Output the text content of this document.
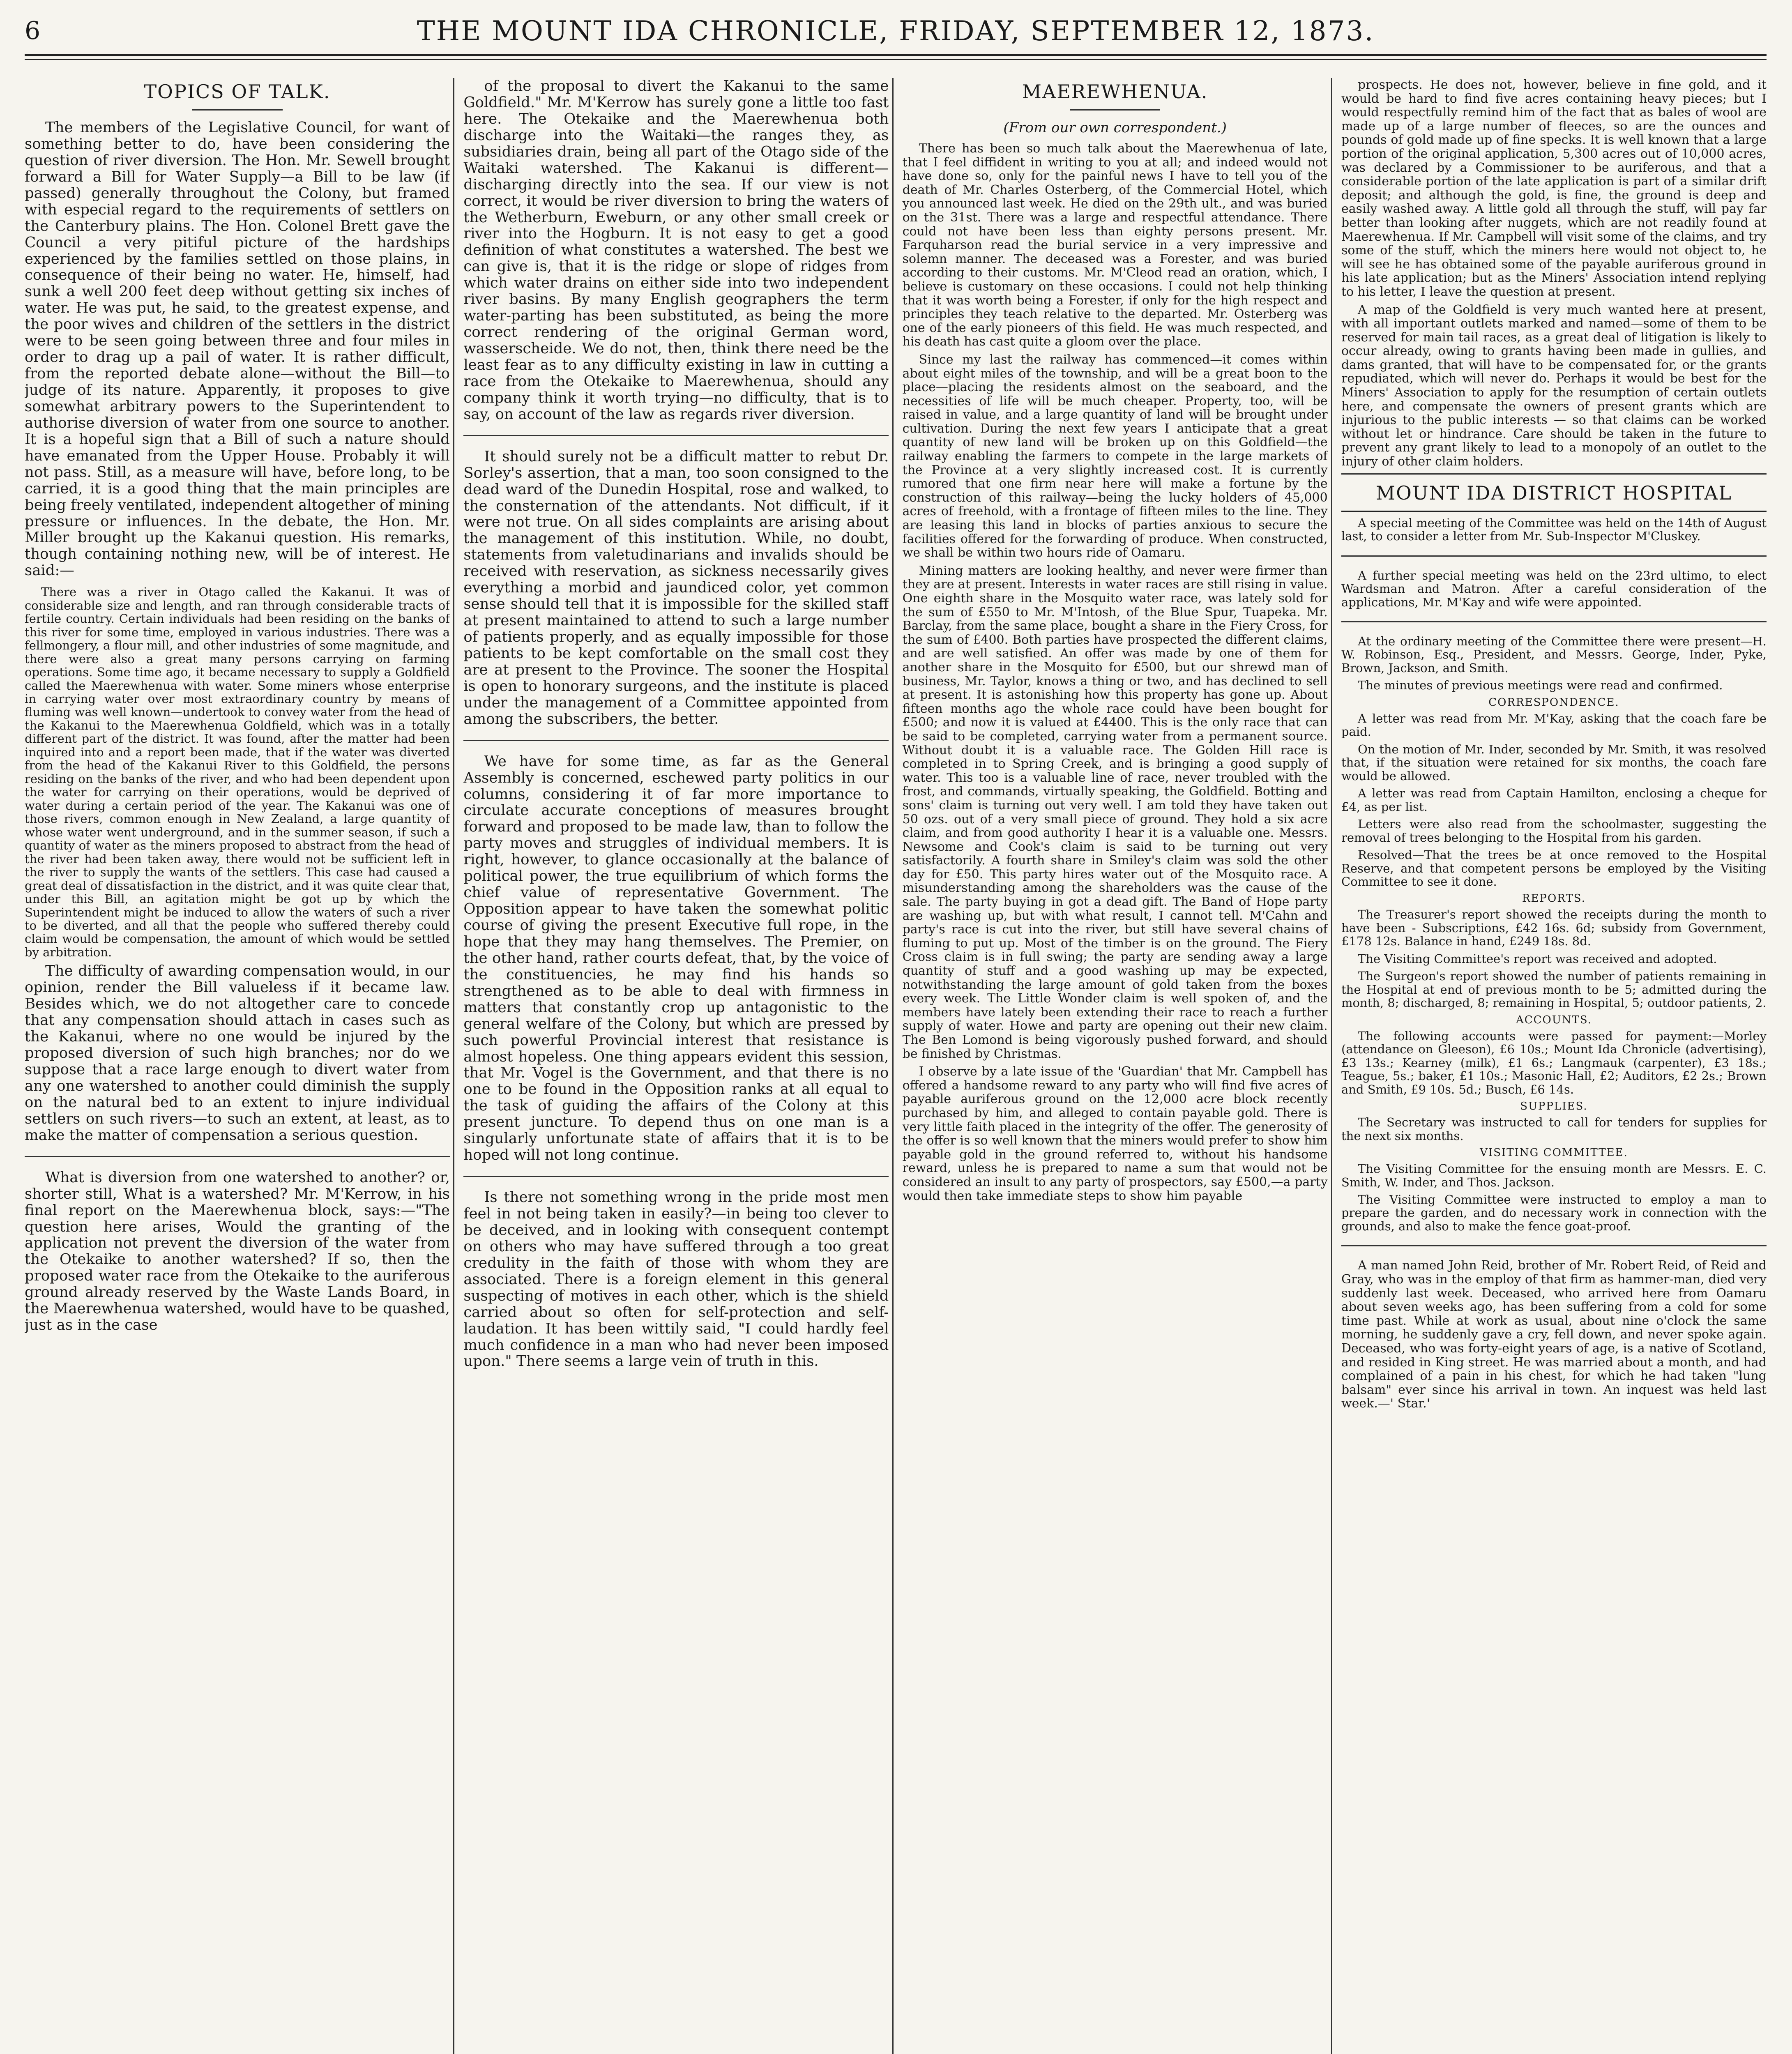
6	THE MOUNT IDA CHRONICLE, FRIDAY, SEPTEMBER 12, 1873.
TOPICS OF TALK.

The members of the Legislative Council, for want of something better to do, have been considering the question of river diversion. The Hon. Mr. Sewell brought forward a Bill for Water Supply—a Bill to be law (if passed) generally throughout the Colony, but framed with especial regard to the requirements of settlers on the Canterbury plains. The Hon. Colonel Brett gave the Council a very pitiful picture of the hardships experienced by the families settled on those plains, in consequence of their being no water. He, himself, had sunk a well 200 feet deep without getting six inches of water. He was put, he said, to the greatest expense, and the poor wives and children of the settlers in the district were to be seen going between three and four miles in order to drag up a pail of water. It is rather difficult, from the reported debate alone—without the Bill—to judge of its nature. Apparently, it proposes to give somewhat arbitrary powers to the Superintendent to authorise diversion of water from one source to another. It is a hopeful sign that a Bill of such a nature should have emanated from the Upper House. Probably it will not pass. Still, as a measure will have, before long, to be carried, it is a good thing that the main principles are being freely ventilated, independent altogether of mining pressure or influences. In the debate, the Hon. Mr. Miller brought up the Kakanui question. His remarks, though containing nothing new, will be of interest. He said:—

There was a river in Otago called the Kakanui. It was of considerable size and length, and ran through considerable tracts of fertile country. Certain individuals had been residing on the banks of this river for some time, employed in various industries. There was a fellmongery, a flour mill, and other industries of some magnitude, and there were also a great many persons carrying on farming operations. Some time ago, it became necessary to supply a Goldfield called the Maerewhenua with water. Some miners whose enterprise in carrying water over most extraordinary country by means of fluming was well known—undertook to convey water from the head of the Kakanui to the Maerewhenua Goldfield, which was in a totally different part of the district. It was found, after the matter had been inquired into and a report been made, that if the water was diverted from the head of the Kakanui River to this Goldfield, the persons residing on the banks of the river, and who had been dependent upon the water for carrying on their operations, would be deprived of water during a certain period of the year. The Kakanui was one of those rivers, common enough in New Zealand, a large quantity of whose water went underground, and in the summer season, if such a quantity of water as the miners proposed to abstract from the head of the river had been taken away, there would not be sufficient left in the river to supply the wants of the settlers. This case had caused a great deal of dissatisfaction in the district, and it was quite clear that, under this Bill, an agitation might be got up by which the Superintendent might be induced to allow the waters of such a river to be diverted, and all that the people who suffered thereby could claim would be compensation, the amount of which would be settled by arbitration.

The difficulty of awarding compensation would, in our opinion, render the Bill valueless if it became law. Besides which, we do not altogether care to concede that any compensation should attach in cases such as the Kakanui, where no one would be injured by the proposed diversion of such high branches; nor do we suppose that a race large enough to divert water from any one watershed to another could diminish the supply on the natural bed to an extent to injure individual settlers on such rivers—to such an extent, at least, as to make the matter of compensation a serious question.

What is diversion from one watershed to another? or, shorter still, What is a watershed? Mr. M'Kerrow, in his final report on the Maerewhenua block, says:—"The question here arises, Would the granting of the application not prevent the diversion of the water from the Otekaike to another watershed? If so, then the proposed water race from the Otekaike to the auriferous ground already reserved by the Waste Lands Board, in the Maerewhenua watershed, would have to be quashed, just as in the case

of the proposal to divert the Kakanui to the same Goldfield." Mr. M'Kerrow has surely gone a little too fast here. The Otekaike and the Maerewhenua both discharge into the Waitaki—the ranges they, as subsidiaries drain, being all part of the Otago side of the Waitaki watershed. The Kakanui is different—discharging directly into the sea. If our view is not correct, it would be river diversion to bring the waters of the Wetherburn, Eweburn, or any other small creek or river into the Hogburn. It is not easy to get a good definition of what constitutes a watershed. The best we can give is, that it is the ridge or slope of ridges from which water drains on either side into two independent river basins. By many English geographers the term water-parting has been substituted, as being the more correct rendering of the original German word, wasserscheide. We do not, then, think there need be the least fear as to any difficulty existing in law in cutting a race from the Otekaike to Maerewhenua, should any company think it worth trying—no difficulty, that is to say, on account of the law as regards river diversion.

It should surely not be a difficult matter to rebut Dr. Sorley's assertion, that a man, too soon consigned to the dead ward of the Dunedin Hospital, rose and walked, to the consternation of the attendants. Not difficult, if it were not true. On all sides complaints are arising about the management of this institution. While, no doubt, statements from valetudinarians and invalids should be received with reservation, as sickness necessarily gives everything a morbid and jaundiced color, yet common sense should tell that it is impossible for the skilled staff at present maintained to attend to such a large number of patients properly, and as equally impossible for those patients to be kept comfortable on the small cost they are at present to the Province. The sooner the Hospital is open to honorary surgeons, and the institute is placed under the management of a Committee appointed from among the subscribers, the better.

We have for some time, as far as the General Assembly is concerned, eschewed party politics in our columns, considering it of far more importance to circulate accurate conceptions of measures brought forward and proposed to be made law, than to follow the party moves and struggles of individual members. It is right, however, to glance occasionally at the balance of political power, the true equilibrium of which forms the chief value of representative Government. The Opposition appear to have taken the somewhat politic course of giving the present Executive full rope, in the hope that they may hang themselves. The Premier, on the other hand, rather courts defeat, that, by the voice of the constituencies, he may find his hands so strengthened as to be able to deal with firmness in matters that constantly crop up antagonistic to the general welfare of the Colony, but which are pressed by such powerful Provincial interest that resistance is almost hopeless. One thing appears evident this session, that Mr. Vogel is the Government, and that there is no one to be found in the Opposition ranks at all equal to the task of guiding the affairs of the Colony at this present juncture. To depend thus on one man is a singularly unfortunate state of affairs that it is to be hoped will not long continue.

Is there not something wrong in the pride most men feel in not being taken in easily?—in being too clever to be deceived, and in looking with consequent contempt on others who may have suffered through a too great credulity in the faith of those with whom they are associated. There is a foreign element in this general suspecting of motives in each other, which is the shield carried about so often for self-protection and self-laudation. It has been wittily said, "I could hardly feel much confidence in a man who had never been imposed upon." There seems a large vein of truth in this.

MAEREWHENUA.

(From our own correspondent.)

There has been so much talk about the Maerewhenua of late, that I feel diffident in writing to you at all; and indeed would not have done so, only for the painful news I have to tell you of the death of Mr. Charles Osterberg, of the Commercial Hotel, which you announced last week. He died on the 29th ult., and was buried on the 31st. There was a large and respectful attendance. There could not have been less than eighty persons present. Mr. Farquharson read the burial service in a very impressive and solemn manner. The deceased was a Forester, and was buried according to their customs. Mr. M'Cleod read an oration, which, I believe is customary on these occasions. I could not help thinking that it was worth being a Forester, if only for the high respect and principles they teach relative to the departed. Mr. Osterberg was one of the early pioneers of this field. He was much respected, and his death has cast quite a gloom over the place.

Since my last the railway has commenced—it comes within about eight miles of the township, and will be a great boon to the place—placing the residents almost on the seaboard, and the necessities of life will be much cheaper. Property, too, will be raised in value, and a large quantity of land will be brought under cultivation. During the next few years I anticipate that a great quantity of new land will be broken up on this Goldfield—the railway enabling the farmers to compete in the large markets of the Province at a very slightly increased cost. It is currently rumored that one firm near here will make a fortune by the construction of this railway—being the lucky holders of 45,000 acres of freehold, with a frontage of fifteen miles to the line. They are leasing this land in blocks of parties anxious to secure the facilities offered for the forwarding of produce. When constructed, we shall be within two hours ride of Oamaru.

Mining matters are looking healthy, and never were firmer than they are at present. Interests in water races are still rising in value. One eighth share in the Mosquito water race, was lately sold for the sum of £550 to Mr. M'Intosh, of the Blue Spur, Tuapeka. Mr. Barclay, from the same place, bought a share in the Fiery Cross, for the sum of £400. Both parties have prospected the different claims, and are well satisfied. An offer was made by one of them for another share in the Mosquito for £500, but our shrewd man of business, Mr. Taylor, knows a thing or two, and has declined to sell at present. It is astonishing how this property has gone up. About fifteen months ago the whole race could have been bought for £500; and now it is valued at £4400. This is the only race that can be said to be completed, carrying water from a permanent source. Without doubt it is a valuable race. The Golden Hill race is completed in to Spring Creek, and is bringing a good supply of water. This too is a valuable line of race, never troubled with the frost, and commands, virtually speaking, the Goldfield. Botting and sons' claim is turning out very well. I am told they have taken out 50 ozs. out of a very small piece of ground. They hold a six acre claim, and from good authority I hear it is a valuable one. Messrs. Newsome and Cook's claim is said to be turning out very satisfactorily. A fourth share in Smiley's claim was sold the other day for £50. This party hires water out of the Mosquito race. A misunderstanding among the shareholders was the cause of the sale. The party buying in got a dead gift. The Band of Hope party are washing up, but with what result, I cannot tell. M'Cahn and party's race is cut into the river, but still have several chains of fluming to put up. Most of the timber is on the ground. The Fiery Cross claim is in full swing; the party are sending away a large quantity of stuff and a good washing up may be expected, notwithstanding the large amount of gold taken from the boxes every week. The Little Wonder claim is well spoken of, and the members have lately been extending their race to reach a further supply of water. Howe and party are opening out their new claim. The Ben Lomond is being vigorously pushed forward, and should be finished by Christmas.

I observe by a late issue of the 'Guardian' that Mr. Campbell has offered a handsome reward to any party who will find five acres of payable auriferous ground on the 12,000 acre block recently purchased by him, and alleged to contain payable gold. There is very little faith placed in the integrity of the offer. The generosity of the offer is so well known that the miners would prefer to show him payable gold in the ground referred to, without his handsome reward, unless he is prepared to name a sum that would not be considered an insult to any party of prospectors, say £500,—a party would then take immediate steps to show him payable

prospects. He does not, however, believe in fine gold, and it would be hard to find five acres containing heavy pieces; but I would respectfully remind him of the fact that as bales of wool are made up of a large number of fleeces, so are the ounces and pounds of gold made up of fine specks. It is well known that a large portion of the original application, 5,300 acres out of 10,000 acres, was declared by a Commissioner to be auriferous, and that a considerable portion of the late application is part of a similar drift deposit; and although the gold, is fine, the ground is deep and easily washed away. A little gold all through the stuff, will pay far better than looking after nuggets, which are not readily found at Maerewhenua. If Mr. Campbell will visit some of the claims, and try some of the stuff, which the miners here would not object to, he will see he has obtained some of the payable auriferous ground in his late application; but as the Miners' Association intend replying to his letter, I leave the question at present.

A map of the Goldfield is very much wanted here at present, with all important outlets marked and named—some of them to be reserved for main tail races, as a great deal of litigation is likely to occur already, owing to grants having been made in gullies, and dams granted, that will have to be compensated for, or the grants repudiated, which will never do. Perhaps it would be best for the Miners' Association to apply for the resumption of certain outlets here, and compensate the owners of present grants which are injurious to the public interests — so that claims can be worked without let or hindrance. Care should be taken in the future to prevent any grant likely to lead to a monopoly of an outlet to the injury of other claim holders.

MOUNT IDA DISTRICT HOSPITAL

A special meeting of the Committee was held on the 14th of August last, to consider a letter from Mr. Sub-Inspector M'Cluskey.

A further special meeting was held on the 23rd ultimo, to elect Wardsman and Matron. After a careful consideration of the applications, Mr. M'Kay and wife were appointed.

At the ordinary meeting of the Committee there were present—H. W. Robinson, Esq., President, and Messrs. George, Inder, Pyke, Brown, Jackson, and Smith.

The minutes of previous meetings were read and confirmed.

CORRESPONDENCE.

A letter was read from Mr. M'Kay, asking that the coach fare be paid.

On the motion of Mr. Inder, seconded by Mr. Smith, it was resolved that, if the situation were retained for six months, the coach fare would be allowed.

A letter was read from Captain Hamilton, enclosing a cheque for £4, as per list.

Letters were also read from the schoolmaster, suggesting the removal of trees belonging to the Hospital from his garden.

Resolved—That the trees be at once removed to the Hospital Reserve, and that competent persons be employed by the Visiting Committee to see it done.

REPORTS.

The Treasurer's report showed the receipts during the month to have been - Subscriptions, £42 16s. 6d; subsidy from Government, £178 12s. Balance in hand, £249 18s. 8d.

The Visiting Committee's report was received and adopted.

The Surgeon's report showed the number of patients remaining in the Hospital at end of previous month to be 5; admitted during the month, 8; discharged, 8; remaining in Hospital, 5; outdoor patients, 2.

ACCOUNTS.

The following accounts were passed for payment:—Morley (attendance on Gleeson), £6 10s.; Mount Ida Chronicle (advertising), £3 13s.; Kearney (milk), £1 6s.; Langmauk (carpenter), £3 18s.; Teague, 5s.; baker, £1 10s.; Masonic Hall, £2; Auditors, £2 2s.; Brown and Smith, £9 10s. 5d.; Busch, £6 14s.

SUPPLIES.

The Secretary was instructed to call for tenders for supplies for the next six months.

VISITING COMMITTEE.

The Visiting Committee for the ensuing month are Messrs. E. C. Smith, W. Inder, and Thos. Jackson.

The Visiting Committee were instructed to employ a man to prepare the garden, and do necessary work in connection with the grounds, and also to make the fence goat-proof.

A man named John Reid, brother of Mr. Robert Reid, of Reid and Gray, who was in the employ of that firm as hammer-man, died very suddenly last week. Deceased, who arrived here from Oamaru about seven weeks ago, has been suffering from a cold for some time past. While at work as usual, about nine o'clock the same morning, he suddenly gave a cry, fell down, and never spoke again. Deceased, who was forty-eight years of age, is a native of Scotland, and resided in King street. He was married about a month, and had complained of a pain in his chest, for which he had taken "lung balsam" ever since his arrival in town. An inquest was held last week.—' Star.'
